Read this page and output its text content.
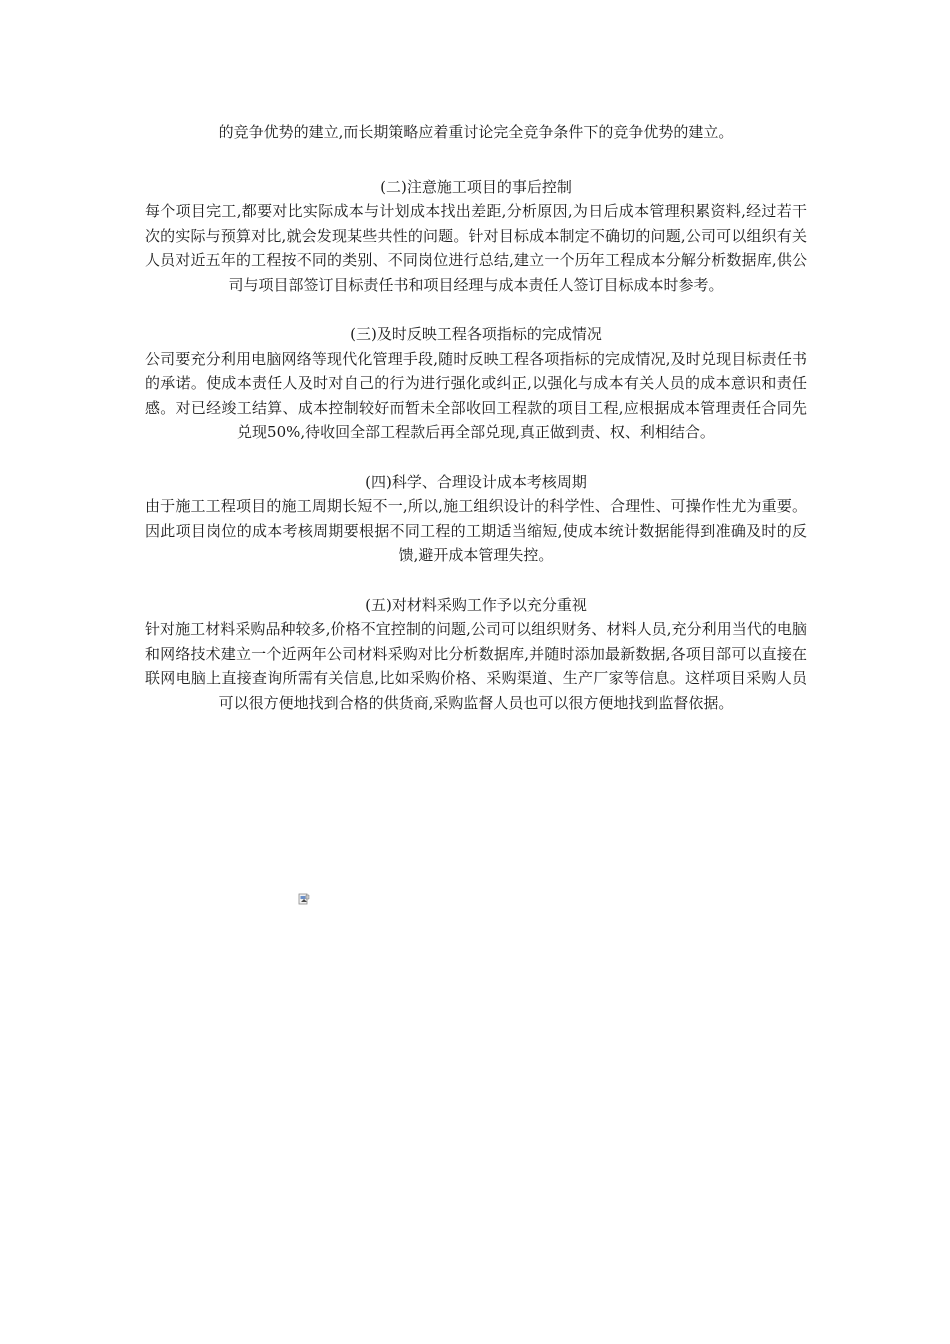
的竞争优势的建立,而长期策略应着重讨论完全竞争条件下的竞争优势的建立。

(二)注意施工项目的事后控制

每个项目完工,都要对比实际成本与计划成本找出差距,分析原因,为日后成本管理积累资料,经过若干次的实际与预算对比,就会发现某些共性的问题。针对目标成本制定不确切的问题,公司可以组织有关人员对近五年的工程按不同的类别、不同岗位进行总结,建立一个历年工程成本分解分析数据库,供公司与项目部签订目标责任书和项目经理与成本责任人签订目标成本时参考。

(三)及时反映工程各项指标的完成情况

公司要充分利用电脑网络等现代化管理手段,随时反映工程各项指标的完成情况,及时兑现目标责任书的承诺。使成本责任人及时对自己的行为进行强化或纠正,以强化与成本有关人员的成本意识和责任感。对已经竣工结算、成本控制较好而暂未全部收回工程款的项目工程,应根据成本管理责任合同先兑现50%,待收回全部工程款后再全部兑现,真正做到责、权、利相结合。

(四)科学、合理设计成本考核周期

由于施工工程项目的施工周期长短不一,所以,施工组织设计的科学性、合理性、可操作性尤为重要。因此项目岗位的成本考核周期要根据不同工程的工期适当缩短,使成本统计数据能得到准确及时的反馈,避开成本管理失控。

(五)对材料采购工作予以充分重视

针对施工材料采购品种较多,价格不宜控制的问题,公司可以组织财务、材料人员,充分利用当代的电脑和网络技术建立一个近两年公司材料采购对比分析数据库,并随时添加最新数据,各项目部可以直接在联网电脑上直接查询所需有关信息,比如采购价格、采购渠道、生产厂家等信息。这样项目采购人员可以很方便地找到合格的供货商,采购监督人员也可以很方便地找到监督依据。
